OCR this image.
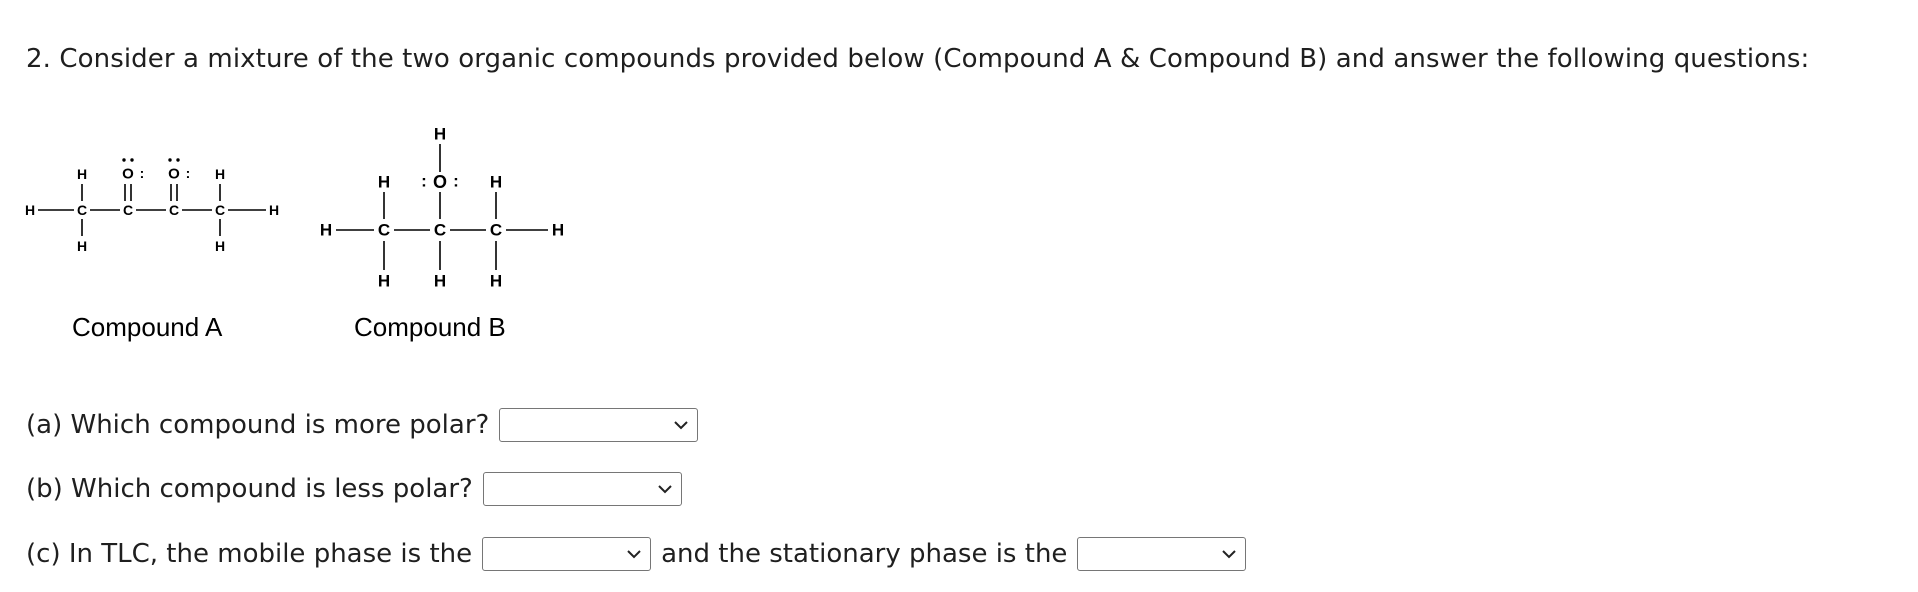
2. Consider a mixture of the two organic compounds provided below (Compound A & Compound B) and answer the following questions:
H	C	C	C	C	H
H
H
O : O : H
H
H	C	C	C	H
H	H
H	H	H
O
: :
H
Compound A	Compound B
(a) Which compound is more polar?
(b) Which compound is less polar?
(c) In TLC, the mobile phase is the	and the stationary phase is the
